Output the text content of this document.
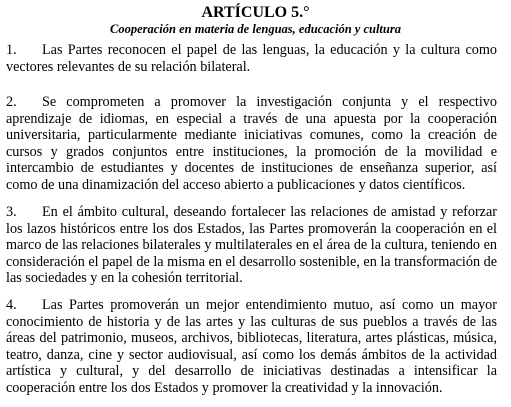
ARTÍCULO 5.°
Cooperación en materia de lenguas, educación y cultura

1. Las Partes reconocen el papel de las lenguas, la educación y la cultura como vectores relevantes de su relación bilateral.

2. Se comprometen a promover la investigación conjunta y el respectivo aprendizaje de idiomas, en especial a través de una apuesta por la cooperación universitaria, particularmente mediante iniciativas comunes, como la creación de cursos y grados conjuntos entre instituciones, la promoción de la movilidad e intercambio de estudiantes y docentes de instituciones de enseñanza superior, así como de una dinamización del acceso abierto a publicaciones y datos científicos.

3. En el ámbito cultural, deseando fortalecer las relaciones de amistad y reforzar los lazos históricos entre los dos Estados, las Partes promoverán la cooperación en el marco de las relaciones bilaterales y multilaterales en el área de la cultura, teniendo en consideración el papel de la misma en el desarrollo sostenible, en la transformación de las sociedades y en la cohesión territorial.

4. Las Partes promoverán un mejor entendimiento mutuo, así como un mayor conocimiento de historia y de las artes y las culturas de sus pueblos a través de las áreas del patrimonio, museos, archivos, bibliotecas, literatura, artes plásticas, música, teatro, danza, cine y sector audiovisual, así como los demás ámbitos de la actividad artística y cultural, y del desarrollo de iniciativas destinadas a intensificar la cooperación entre los dos Estados y promover la creatividad y la innovación.
